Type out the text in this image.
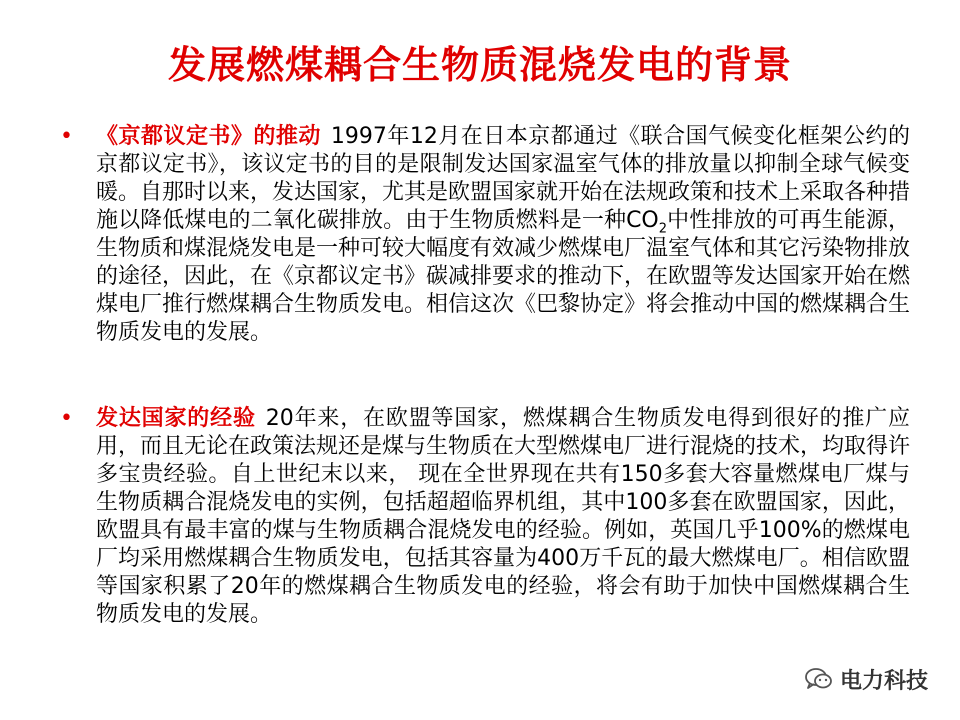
发展燃煤耦合生物质混烧发电的背景
• 《京都议定书》的推动 1997年12月在日本京都通过《联合国气候变化框架公约的京都议定书》，该议定书的目的是限制发达国家温室气体的排放量以抑制全球气候变暖。自那时以来，发达国家，尤其是欧盟国家就开始在法规政策和技术上采取各种措施以降低煤电的二氧化碳排放。由于生物质燃料是一种$CO_2$中性排放的可再生能源，生物质和煤混烧发电是一种可较大幅度有效减少燃煤电厂温室气体和其它污染物排放的途径，因此，在《京都议定书》碳减排要求的推动下，在欧盟等发达国家开始在燃煤电厂推行燃煤耦合生物质发电。相信这次《巴黎协定》将会推动中国的燃煤耦合生物质发电的发展。
• 发达国家的经验 20年来，在欧盟等国家，燃煤耦合生物质发电得到很好的推广应用，而且无论在政策法规还是煤与生物质在大型燃煤电厂进行混烧的技术，均取得许多宝贵经验。自上世纪末以来， 现在全世界现在共有150多套大容量燃煤电厂煤与生物质耦合混烧发电的实例，包括超超临界机组，其中100多套在欧盟国家，因此，欧盟具有最丰富的煤与生物质耦合混烧发电的经验。例如，英国几乎100%的燃煤电厂均采用燃煤耦合生物质发电，包括其容量为400万千瓦的最大燃煤电厂。相信欧盟等国家积累了20年的燃煤耦合生物质发电的经验，将会有助于加快中国燃煤耦合生物质发电的发展。
电力科技
